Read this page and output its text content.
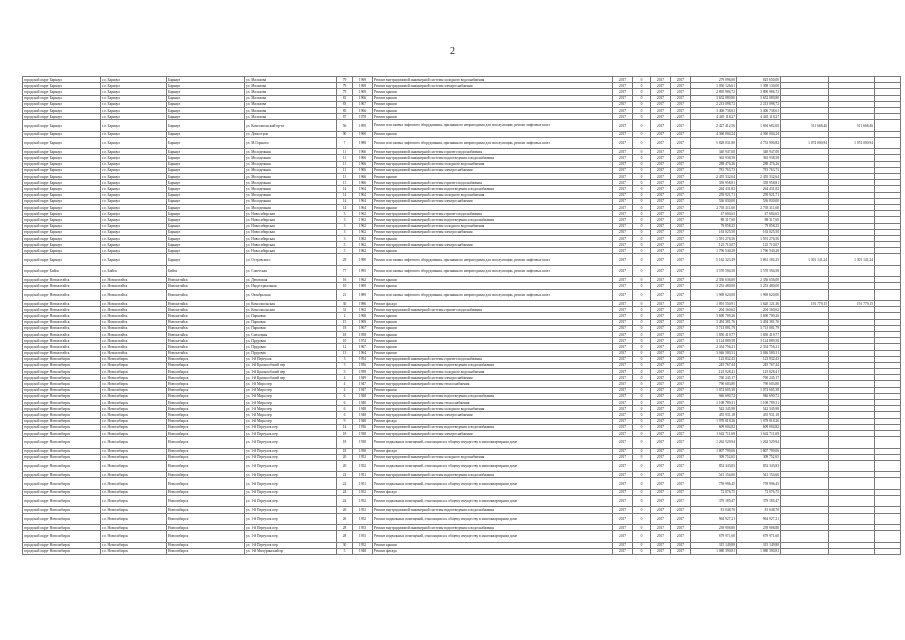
2
городской округ Барнаул	г.о. Барнаул	Барнаул	ул. Малахова	79	1969	Ремонт внутридомовой инженерной системы холодного водоснабжения	2017	0	2017	2017	279 096,00	825 650,00			
городской округ Барнаул	г.о. Барнаул	Барнаул	ул. Малахова	79	1969	Ремонт внутридомовой инженерной системы электроснабжения	2017	0	2017	2017	1 050 126,61	1 398 130,00			
городской округ Барнаул	г.о. Барнаул	Барнаул	ул. Малахова	79	1969	Ремонт крыши	2017	0	2017	2017	2 895 986,72	3 890 986,72			
городской округ Барнаул	г.о. Барнаул	Барнаул	ул. Малахова	81	1966	Ремонт крыши	2017	0	2017	2017	3 652 080,80	3 652 080,80			
городской округ Барнаул	г.о. Барнаул	Барнаул	ул. Малахова	83	1967	Ремонт крыши	2017	0	2017	2017	2 213 098,72	2 213 098,72			
городской округ Барнаул	г.о. Барнаул	Барнаул	ул. Малахова	85	1966	Ремонт крыши	2017	0	2017	2017	3 406 738,61	3 406 738,61			
городской округ Барнаул	г.о. Барнаул	Барнаул	ул. Малахова	87	1978	Ремонт крыши	2017	0	2017	2017	4 445 118,27	4 445 118,27			
городской округ Барнаул	г.о. Барнаул	Барнаул	ул. Комсомольский пр-кт	56	1995	Ремонт или замена лифтового оборудования, признанного непригодным для эксплуатации, ремонт лифтовых шахт	2017	0	2017	2017	2 427 412,56	1 694 682,00	511 668,46	511 668,46	
городской округ Барнаул	г.о. Барнаул	Барнаул	ул. Домостроя	90	1960	Ремонт крыши	2017	0	2017	2017	4 360 004,24	4 360 004,24			
городской округ Барнаул	г.о. Барнаул	Барнаул	ул. М.Горького	7	1988	Ремонт или замена лифтового оборудования, признанного непригодным для эксплуатации, ремонт лифтовых шахт	2017	0	2017	2017	5 828 031,80	4 753 900,82	1 074 000,94	1 074 000,94	
городской округ Барнаул	г.о. Барнаул	Барнаул	ул. Молодежная	11	1966	Ремонт внутридомовой инженерной системы горячего водоснабжения	2017	0	2017	2017	340 947,00	340 947,00			
городской округ Барнаул	г.о. Барнаул	Барнаул	ул. Молодежная	11	1966	Ремонт внутридомовой инженерной системы водоотведения и водоснабжения	2017	0	2017	2017	363 938,58	363 938,58			
городской округ Барнаул	г.о. Барнаул	Барнаул	ул. Молодежная	11	1966	Ремонт внутридомовой инженерной системы холодного водоснабжения	2017	0	2017	2017	288 476,26	288 476,26			
городской округ Барнаул	г.о. Барнаул	Барнаул	ул. Молодежная	11	1966	Ремонт внутридомовой инженерной системы электроснабжения	2017	0	2017	2017	781 763,73	781 763,73			
городской округ Барнаул	г.о. Барнаул	Барнаул	ул. Молодежная	11	1966	Ремонт крыши	2017	0	2017	2017	2 455 332,64	2 455 332,64			
городской округ Барнаул	г.о. Барнаул	Барнаул	ул. Молодежная	11	1966	Ремонт внутридомовой инженерной системы горячего водоснабжения	2017	0	2017	2017	339 958,81	339 958,81			
городской округ Барнаул	г.о. Барнаул	Барнаул	ул. Молодежная	14	1964	Ремонт внутридомовой инженерной системы водоотведения и водоснабжения	2017	0	2017	2017	264 431,82	264 431,82			
городской округ Барнаул	г.о. Барнаул	Барнаул	ул. Молодежная	14	1964	Ремонт внутридомовой инженерной системы холодного водоснабжения	2017	0	2017	2017	259 921,71	259 921,71			
городской округ Барнаул	г.о. Барнаул	Барнаул	ул. Молодежная	14	1964	Ремонт внутридомовой инженерной системы электроснабжения	2017	0	2017	2017	536 830,00	536 830,00			
городской округ Барнаул	г.о. Барнаул	Барнаул	ул. Молодежная	14	1964	Ремонт крыши	2017	0	2017	2017	2 703 311,60	2 703 311,60			
городской округ Барнаул	г.о. Барнаул	Барнаул	ул. Новосибирская	3	1962	Ремонт внутридомовой инженерной системы горячего водоснабжения	2017	0	2017	2017	47 604,63	47 604,63			
городской округ Барнаул	г.о. Барнаул	Барнаул	ул. Новосибирская	3	1962	Ремонт внутридомовой инженерной системы водоотведения и водоснабжения	2017	0	2017	2017	88 317,60	88 317,60			
городской округ Барнаул	г.о. Барнаул	Барнаул	ул. Новосибирская	3	1962	Ремонт внутридомовой инженерной системы холодного водоснабжения	2017	0	2017	2017	79 858,25	79 858,25			
городской округ Барнаул	г.о. Барнаул	Барнаул	ул. Новосибирская	3	1962	Ремонт внутридомовой инженерной системы электроснабжения	2017	0	2017	2017	163 025,50	163 025,50			
городской округ Барнаул	г.о. Барнаул	Барнаул	ул. Новосибирская	3	1962	Ремонт крыши	2017	0	2017	2017	1 591 276,56	1 591 276,56			
городской округ Барнаул	г.о. Барнаул	Барнаул	ул. Новосибирская	5	1962	Ремонт внутридомовой инженерной системы электроснабжения	2017	0	2017	2017	125 710,07	125 710,07			
городской округ Барнаул	г.о. Барнаул	Барнаул	ул. Новосибирская	5	1962	Ремонт крыши	2017	0	2017	2017	1 796 540,28	1 796 540,28			
городской округ Барнаул	г.о. Барнаул	Барнаул	ул. Островского	29	1990	Ремонт или замена лифтового оборудования, признанного непригодным для эксплуатации, ремонт лифтовых шахт	2017	0	2017	2017	5 162 323,49	3 861 182,25	1 301 141,24	1 301 141,24	
городской округ Бийск	г.о. Бийск	Бийск	ул. Советская	77	1995	Ремонт или замена лифтового оборудования, признанного непригодным для эксплуатации, ремонт лифтовых шахт	2017	0	2017	2017	3 570 594,58	3 570 594,58			
городской округ Новоалтайск	г.о. Новоалтайск	Новоалтайск	ул. Деповская	16	1962	Ремонт крыши	2017	0	2017	2017	2 356 636,00	2 356 636,00			
городской округ Новоалтайск	г.о. Новоалтайск	Новоалтайск	ул. Индустриальная	10	1969	Ремонт крыши	2017	0	2017	2017	3 253 480,00	3 253 480,00			
городской округ Новоалтайск	г.о. Новоалтайск	Новоалтайск	ул. Октябрьская	21	1989	Ремонт или замена лифтового оборудования, признанного непригодным для эксплуатации, ремонт лифтовых шахт	2017	0	2017	2017	1 969 620,00	1 969 620,00			
городской округ Новоалтайск	г.о. Новоалтайск	Новоалтайск	ул. Комсомольская	30	1986	Ремонт фасада	2017	0	2017	2017	1 891 550,91	1 620 121,36	191 779,15	191 779,15	
городской округ Новоалтайск	г.о. Новоалтайск	Новоалтайск	ул. Комсомольская	31	1962	Ремонт внутридомовой инженерной системы горячего водоснабжения	2017	0	2017	2017	204 160,62	204 160,62			
городской округ Новоалтайск	г.о. Новоалтайск	Новоалтайск	ул. Парковая	2	1968	Ремонт крыши	2017	0	2017	2017	3 690 709,26	3 690 709,26			
городской округ Новоалтайск	г.о. Новоалтайск	Новоалтайск	ул. Парковая	15	1969	Ремонт крыши	2017	0	2017	2017	3 494 381,76	3 494 381,76			
городской округ Новоалтайск	г.о. Новоалтайск	Новоалтайск	ул. Парковая	18	1967	Ремонт крыши	2017	0	2017	2017	3 713 081,79	3 713 081,79			
городской округ Новоалтайск	г.о. Новоалтайск	Новоалтайск	ул. Совхозная	18	1958	Ремонт крыши	2017	0	2017	2017	1 850 419,77	1 850 419,77			
городской округ Новоалтайск	г.о. Новоалтайск	Новоалтайск	ул. Прудовая	10	1974	Ремонт крыши	2017	0	2017	2017	3 124 889,58	3 124 889,58			
городской округ Новоалтайск	г.о. Новоалтайск	Новоалтайск	ул. Прудовая	12	1967	Ремонт крыши	2017	0	2017	2017	2 334 756,21	2 334 756,21			
городской округ Новоалтайск	г.о. Новоалтайск	Новоалтайск	ул. Прудовая	13	1964	Ремонт крыши	2017	0	2017	2017	3 046 580,31	3 046 580,31			
городской округ Новосибирск	г.о. Новосибирск	Новосибирск	ул. 1-й Переулок	3	1954	Ремонт внутридомовой инженерной системы горячего водоснабжения	2017	0	2017	2017	123 832,43	123 832,43			
городской округ Новосибирск	г.о. Новосибирск	Новосибирск	ул. 1-й Краснообский пер	3	1956	Ремонт внутридомовой инженерной системы водоотведения и водоснабжения	2017	0	2017	2017	245 767,44	245 767,44			
городской округ Новосибирск	г.о. Новосибирск	Новосибирск	ул. 1-й Краснообский пер	3	1958	Ремонт внутридомовой инженерной системы холодного водоснабжения	2017	0	2017	2017	125 028,41	125 028,41			
городской округ Новосибирск	г.о. Новосибирск	Новосибирск	ул. 1-й Краснообский пер	4	1949	Ремонт внутридомовой инженерной системы электроснабжения	2017	0	2017	2017	760 245,17	760 245,17			
городской округ Новосибирск	г.о. Новосибирск	Новосибирск	ул. 1-й Мира пер	4	1947	Ремонт внутридомовой инженерной системы теплоснабжения	2017	0	2017	2017	790 603,80	790 603,80			
городской округ Новосибирск	г.о. Новосибирск	Новосибирск	ул. 1-й Мира пер	4	1947	Ремонт крыши	2017	0	2017	2017	1 074 605,38	1 074 605,38			
городской округ Новосибирск	г.о. Новосибирск	Новосибирск	ул. 1-й Мира пер	6	1948	Ремонт внутридомовой инженерной системы водоотведения и водоснабжения	2017	0	2017	2017	946 690,72	946 690,72			
городской округ Новосибирск	г.о. Новосибирск	Новосибирск	ул. 1-й Мира пер	6	1948	Ремонт внутридомовой инженерной системы теплоснабжения	2017	0	2017	2017	1 108 789,31	1 108 789,31			
городской округ Новосибирск	г.о. Новосибирск	Новосибирск	ул. 1-й Мира пер	6	1948	Ремонт внутридомовой инженерной системы холодного водоснабжения	2017	0	2017	2017	542 345,98	542 345,98			
городской округ Новосибирск	г.о. Новосибирск	Новосибирск	ул. 1-й Мира пер	6	1948	Ремонт внутридомовой инженерной системы электроснабжения	2017	0	2017	2017	455 931,18	455 931,18			
городской округ Новосибирск	г.о. Новосибирск	Новосибирск	ул. 1-й Мира пер	9	1948	Ремонт фасада	2017	0	2017	2017	1 978 818,26	1 978 818,26			
городской округ Новосибирск	г.о. Новосибирск	Новосибирск	ул. 1-й Переулок пер	14	1936	Ремонт внутридомовой инженерной системы водоотведения и водоснабжения	2017	0	2017	2017	609 004,82	609 004,82			
городской округ Новосибирск	г.о. Новосибирск	Новосибирск	ул. 1-й Переулок пер	18	1938	Ремонт внутридомовой инженерной системы электроснабжения	2017	0	2017	2017	1 642 711,69	1 642 711,69			
городской округ Новосибирск	г.о. Новосибирск	Новосибирск	ул. 1-й Переулок пер	18	1938	Ремонт подвальных помещений, относящихся к общему имуществу в многоквартирном доме	2017	0	2017	2017	1 262 529,94	1 262 529,94			
городской округ Новосибирск	г.о. Новосибирск	Новосибирск	ул. 1-й Переулок пер	18	1938	Ремонт фасада	2017	0	2017	2017	1 807 799,06	1 807 799,06			
городской округ Новосибирск	г.о. Новосибирск	Новосибирск	ул. 1-й Переулок пер	20	1952	Ремонт внутридомовой инженерной системы холодного водоснабжения	2017	0	2017	2017	309 752,65	309 752,65			
городской округ Новосибирск	г.о. Новосибирск	Новосибирск	ул. 1-й Переулок пер	20	1952	Ремонт подвальных помещений, относящихся к общему имуществу в многоквартирном доме	2017	0	2017	2017	852 343,83	852 343,83			
городской округ Новосибирск	г.о. Новосибирск	Новосибирск	ул. 1-й Переулок пер	22	1951	Ремонт внутридомовой инженерной системы водоотведения и водоснабжения	2017	0	2017	2017	541 154,60	541 154,60			
городской округ Новосибирск	г.о. Новосибирск	Новосибирск	ул. 1-й Переулок пер	22	1951	Ремонт подвальных помещений, относящихся к общему имуществу в многоквартирном доме	2017	0	2017	2017	759 996,45	759 996,45			
городской округ Новосибирск	г.о. Новосибирск	Новосибирск	ул. 1-й Переулок пер	24	1952	Ремонт фасада	2017	0	2017	2017	72 076,75	72 076,75			
городской округ Новосибирск	г.о. Новосибирск	Новосибирск	ул. 1-й Переулок пер	24	1952	Ремонт подвальных помещений, относящихся к общему имуществу в многоквартирном доме	2017	0	2017	2017	379 185,47	379 185,47			
городской округ Новосибирск	г.о. Новосибирск	Новосибирск	ул. 1-й Переулок пер	26	1952	Ремонт внутридомовой инженерной системы водоотведения и водоснабжения	2017	0	2017	2017	81 048,70	81 048,70			
городской округ Новосибирск	г.о. Новосибирск	Новосибирск	ул. 1-й Переулок пер	26	1952	Ремонт подвальных помещений, относящихся к общему имуществу в многоквартирном доме	2017	0	2017	2017	964 927,21	964 927,21			
городской округ Новосибирск	г.о. Новосибирск	Новосибирск	ул. 1-й Переулок пер	28	1953	Ремонт внутридомовой инженерной системы водоотведения и водоснабжения	2017	0	2017	2017	239 908,80	239 908,80			
городской округ Новосибирск	г.о. Новосибирск	Новосибирск	ул. 1-й Переулок пер	28	1953	Ремонт подвальных помещений, относящихся к общему имуществу в многоквартирном доме	2017	0	2017	2017	679 971,60	679 971,60			
городской округ Новосибирск	г.о. Новосибирск	Новосибирск	ул. 1-й Переулок пер	30	1952	Ремонт крыши	2017	0	2017	2017	315 149,80	315 149,80			
городской округ Новосибирск	г.о. Новосибирск	Новосибирск	ул. 1-й Мичуринский пр	5	1948	Ремонт фасада	2017	0	2017	2017	1 080 390,81	1 080 390,81			
